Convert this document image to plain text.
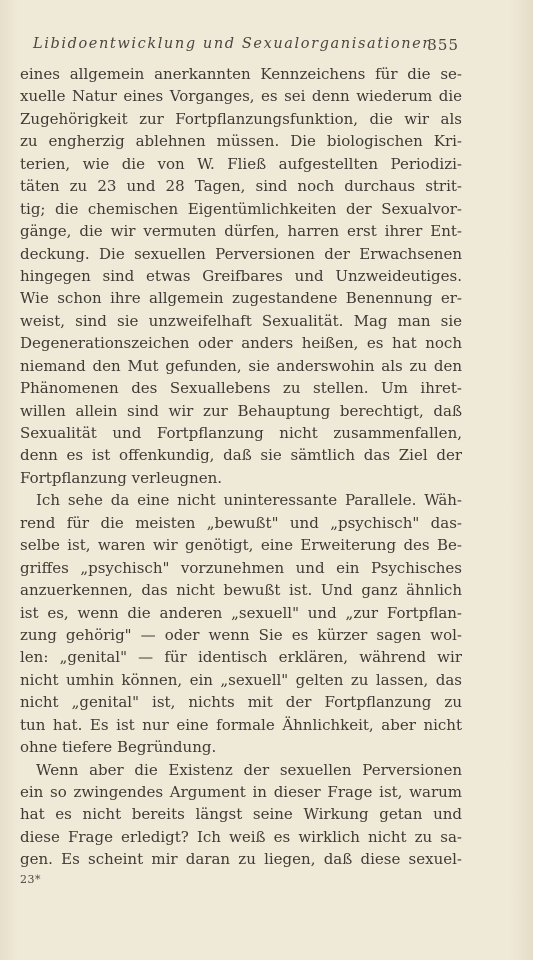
Libidoentwicklung und Sexualorganisationen
355
eines allgemein anerkannten Kennzeichens für die se-
xuelle Natur eines Vorganges, es sei denn wiederum die
Zugehörigkeit zur Fortpflanzungsfunktion, die wir als
zu engherzig ablehnen müssen. Die biologischen Kri-
terien, wie die von W. Fließ aufgestellten Periodizi-
täten zu 23 und 28 Tagen, sind noch durchaus strit-
tig; die chemischen Eigentümlichkeiten der Sexualvor-
gänge, die wir vermuten dürfen, harren erst ihrer Ent-
deckung. Die sexuellen Perversionen der Erwachsenen
hingegen sind etwas Greifbares und Unzweideutiges.
Wie schon ihre allgemein zugestandene Benennung er-
weist, sind sie unzweifelhaft Sexualität. Mag man sie
Degenerationszeichen oder anders heißen, es hat noch
niemand den Mut gefunden, sie anderswohin als zu den
Phänomenen des Sexuallebens zu stellen. Um ihret-
willen allein sind wir zur Behauptung berechtigt, daß
Sexualität und Fortpflanzung nicht zusammenfallen,
denn es ist offenkundig, daß sie sämtlich das Ziel der
Fortpflanzung verleugnen.
Ich sehe da eine nicht uninteressante Parallele. Wäh-
rend für die meisten „bewußt" und „psychisch" das-
selbe ist, waren wir genötigt, eine Erweiterung des Be-
griffes „psychisch" vorzunehmen und ein Psychisches
anzuerkennen, das nicht bewußt ist. Und ganz ähnlich
ist es, wenn die anderen „sexuell" und „zur Fortpflan-
zung gehörig" — oder wenn Sie es kürzer sagen wol-
len: „genital" — für identisch erklären, während wir
nicht umhin können, ein „sexuell" gelten zu lassen, das
nicht „genital" ist, nichts mit der Fortpflanzung zu
tun hat. Es ist nur eine formale Ähnlichkeit, aber nicht
ohne tiefere Begründung.
Wenn aber die Existenz der sexuellen Perversionen
ein so zwingendes Argument in dieser Frage ist, warum
hat es nicht bereits längst seine Wirkung getan und
diese Frage erledigt? Ich weiß es wirklich nicht zu sa-
gen. Es scheint mir daran zu liegen, daß diese sexuel-
23*
